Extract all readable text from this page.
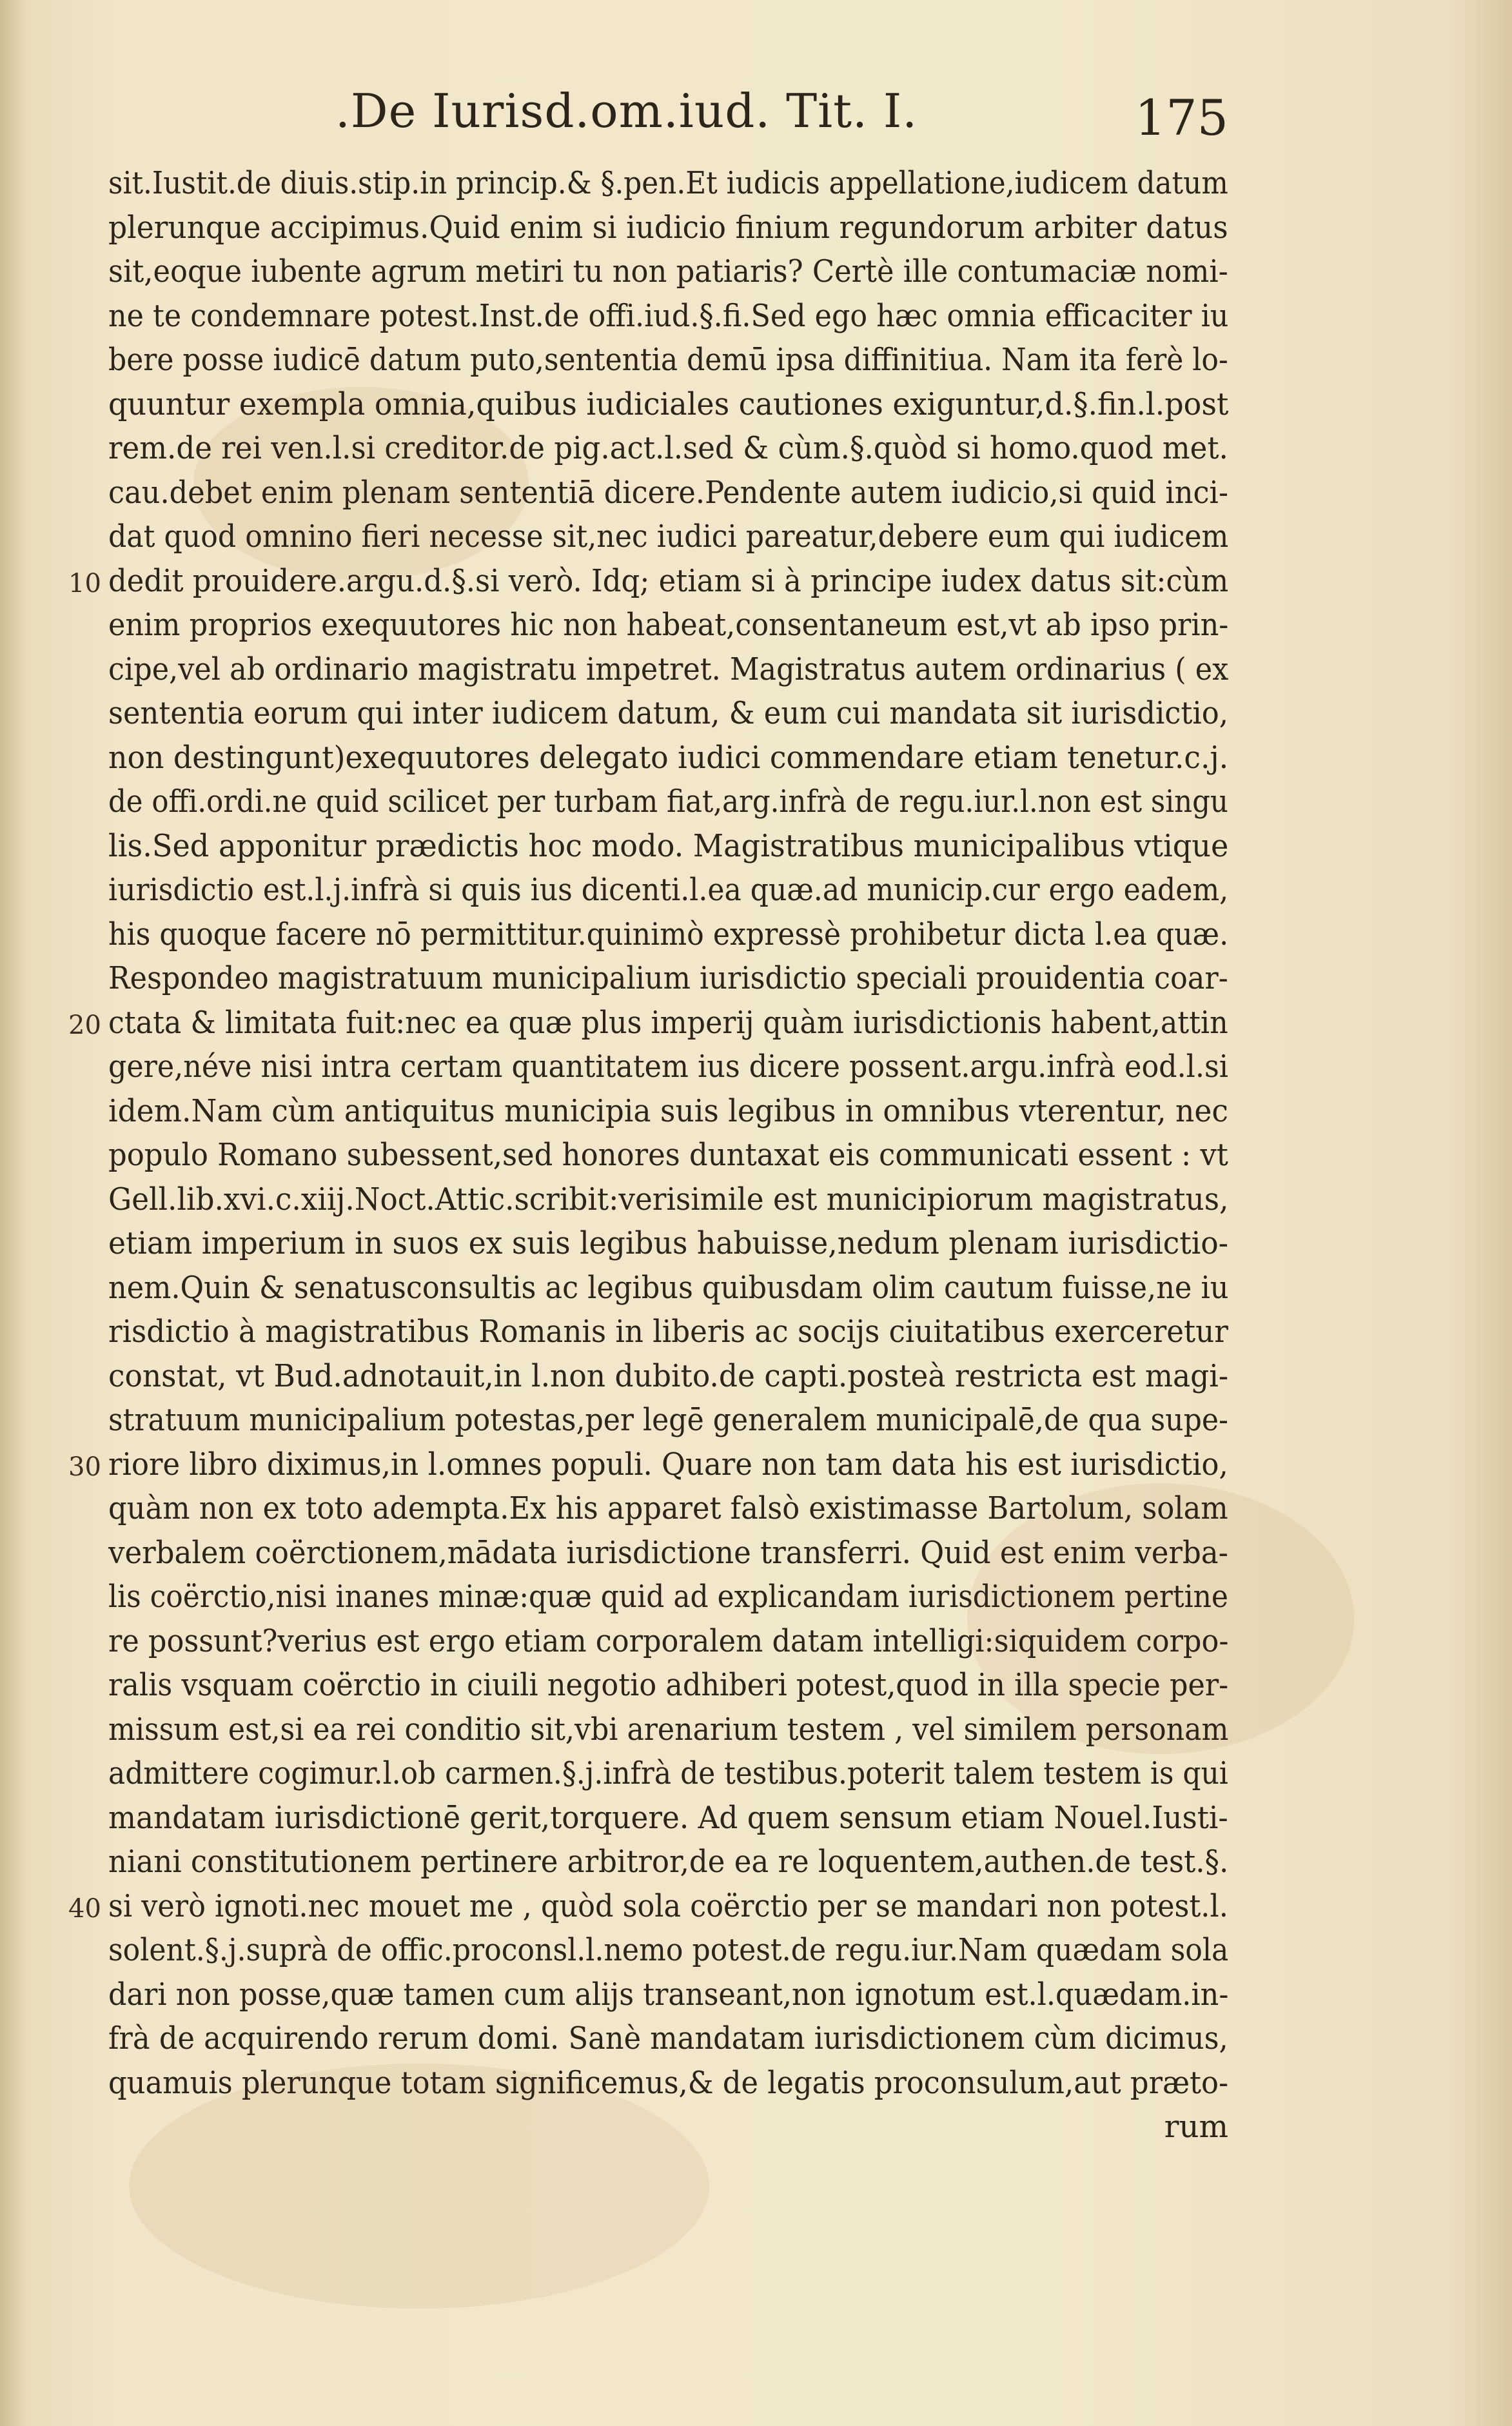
.De Iurisd.om.iud. Tit. I.	175
sit.Iustit.de diuis.stip.in princip.& §.pen.Et iudicis appellatione,iudicem datum
plerunque accipimus.Quid enim si iudicio finium regundorum arbiter datus
sit,eoque iubente agrum metiri tu non patiaris? Certè ille contumaciæ nomi-
ne te condemnare potest.Inst.de offi.iud.§.fi.Sed ego hæc omnia efficaciter iu
bere posse iudicē datum puto,sententia demū ipsa diffinitiua. Nam ita ferè lo-
quuntur exempla omnia,quibus iudiciales cautiones exiguntur,d.§.fin.l.post
rem.de rei ven.l.si creditor.de pig.act.l.sed & cùm.§.quòd si homo.quod met.
cau.debet enim plenam sententiā dicere.Pendente autem iudicio,si quid inci-
dat quod omnino fieri necesse sit,nec iudici pareatur,debere eum qui iudicem
10 dedit prouidere.argu.d.§.si verò. Idq; etiam si à principe iudex datus sit:cùm
enim proprios exequutores hic non habeat,consentaneum est,vt ab ipso prin-
cipe,vel ab ordinario magistratu impetret. Magistratus autem ordinarius ( ex
sententia eorum qui inter iudicem datum, & eum cui mandata sit iurisdictio,
non destingunt)exequutores delegato iudici commendare etiam tenetur.c.j.
de offi.ordi.ne quid scilicet per turbam fiat,arg.infrà de regu.iur.l.non est singu
lis.Sed apponitur prædictis hoc modo. Magistratibus municipalibus vtique
iurisdictio est.l.j.infrà si quis ius dicenti.l.ea quæ.ad municip.cur ergo eadem,
his quoque facere nō permittitur.quinimò expressè prohibetur dicta l.ea quæ.
Respondeo magistratuum municipalium iurisdictio speciali prouidentia coar-
20 ctata & limitata fuit:nec ea quæ plus imperij quàm iurisdictionis habent,attin
gere,néve nisi intra certam quantitatem ius dicere possent.argu.infrà eod.l.si
idem.Nam cùm antiquitus municipia suis legibus in omnibus vterentur, nec
populo Romano subessent,sed honores duntaxat eis communicati essent : vt
Gell.lib.xvi.c.xiij.Noct.Attic.scribit:verisimile est municipiorum magistratus,
etiam imperium in suos ex suis legibus habuisse,nedum plenam iurisdictio-
nem.Quin & senatusconsultis ac legibus quibusdam olim cautum fuisse,ne iu
risdictio à magistratibus Romanis in liberis ac socijs ciuitatibus exerceretur
constat, vt Bud.adnotauit,in l.non dubito.de capti.posteà restricta est magi-
stratuum municipalium potestas,per legē generalem municipalē,de qua supe-
30 riore libro diximus,in l.omnes populi. Quare non tam data his est iurisdictio,
quàm non ex toto adempta.Ex his apparet falsò existimasse Bartolum, solam
verbalem coërctionem,mādata iurisdictione transferri. Quid est enim verba-
lis coërctio,nisi inanes minæ:quæ quid ad explicandam iurisdictionem pertine
re possunt?verius est ergo etiam corporalem datam intelligi:siquidem corpo-
ralis vsquam coërctio in ciuili negotio adhiberi potest,quod in illa specie per-
missum est,si ea rei conditio sit,vbi arenarium testem , vel similem personam
admittere cogimur.l.ob carmen.§.j.infrà de testibus.poterit talem testem is qui
mandatam iurisdictionē gerit,torquere. Ad quem sensum etiam Nouel.Iusti-
niani constitutionem pertinere arbitror,de ea re loquentem,authen.de test.§.
40 si verò ignoti.nec mouet me , quòd sola coërctio per se mandari non potest.l.
solent.§.j.suprà de offic.proconsl.l.nemo potest.de regu.iur.Nam quædam sola
dari non posse,quæ tamen cum alijs transeant,non ignotum est.l.quædam.in-
frà de acquirendo rerum domi. Sanè mandatam iurisdictionem cùm dicimus,
quamuis plerunque totam significemus,& de legatis proconsulum,aut præto-
rum
